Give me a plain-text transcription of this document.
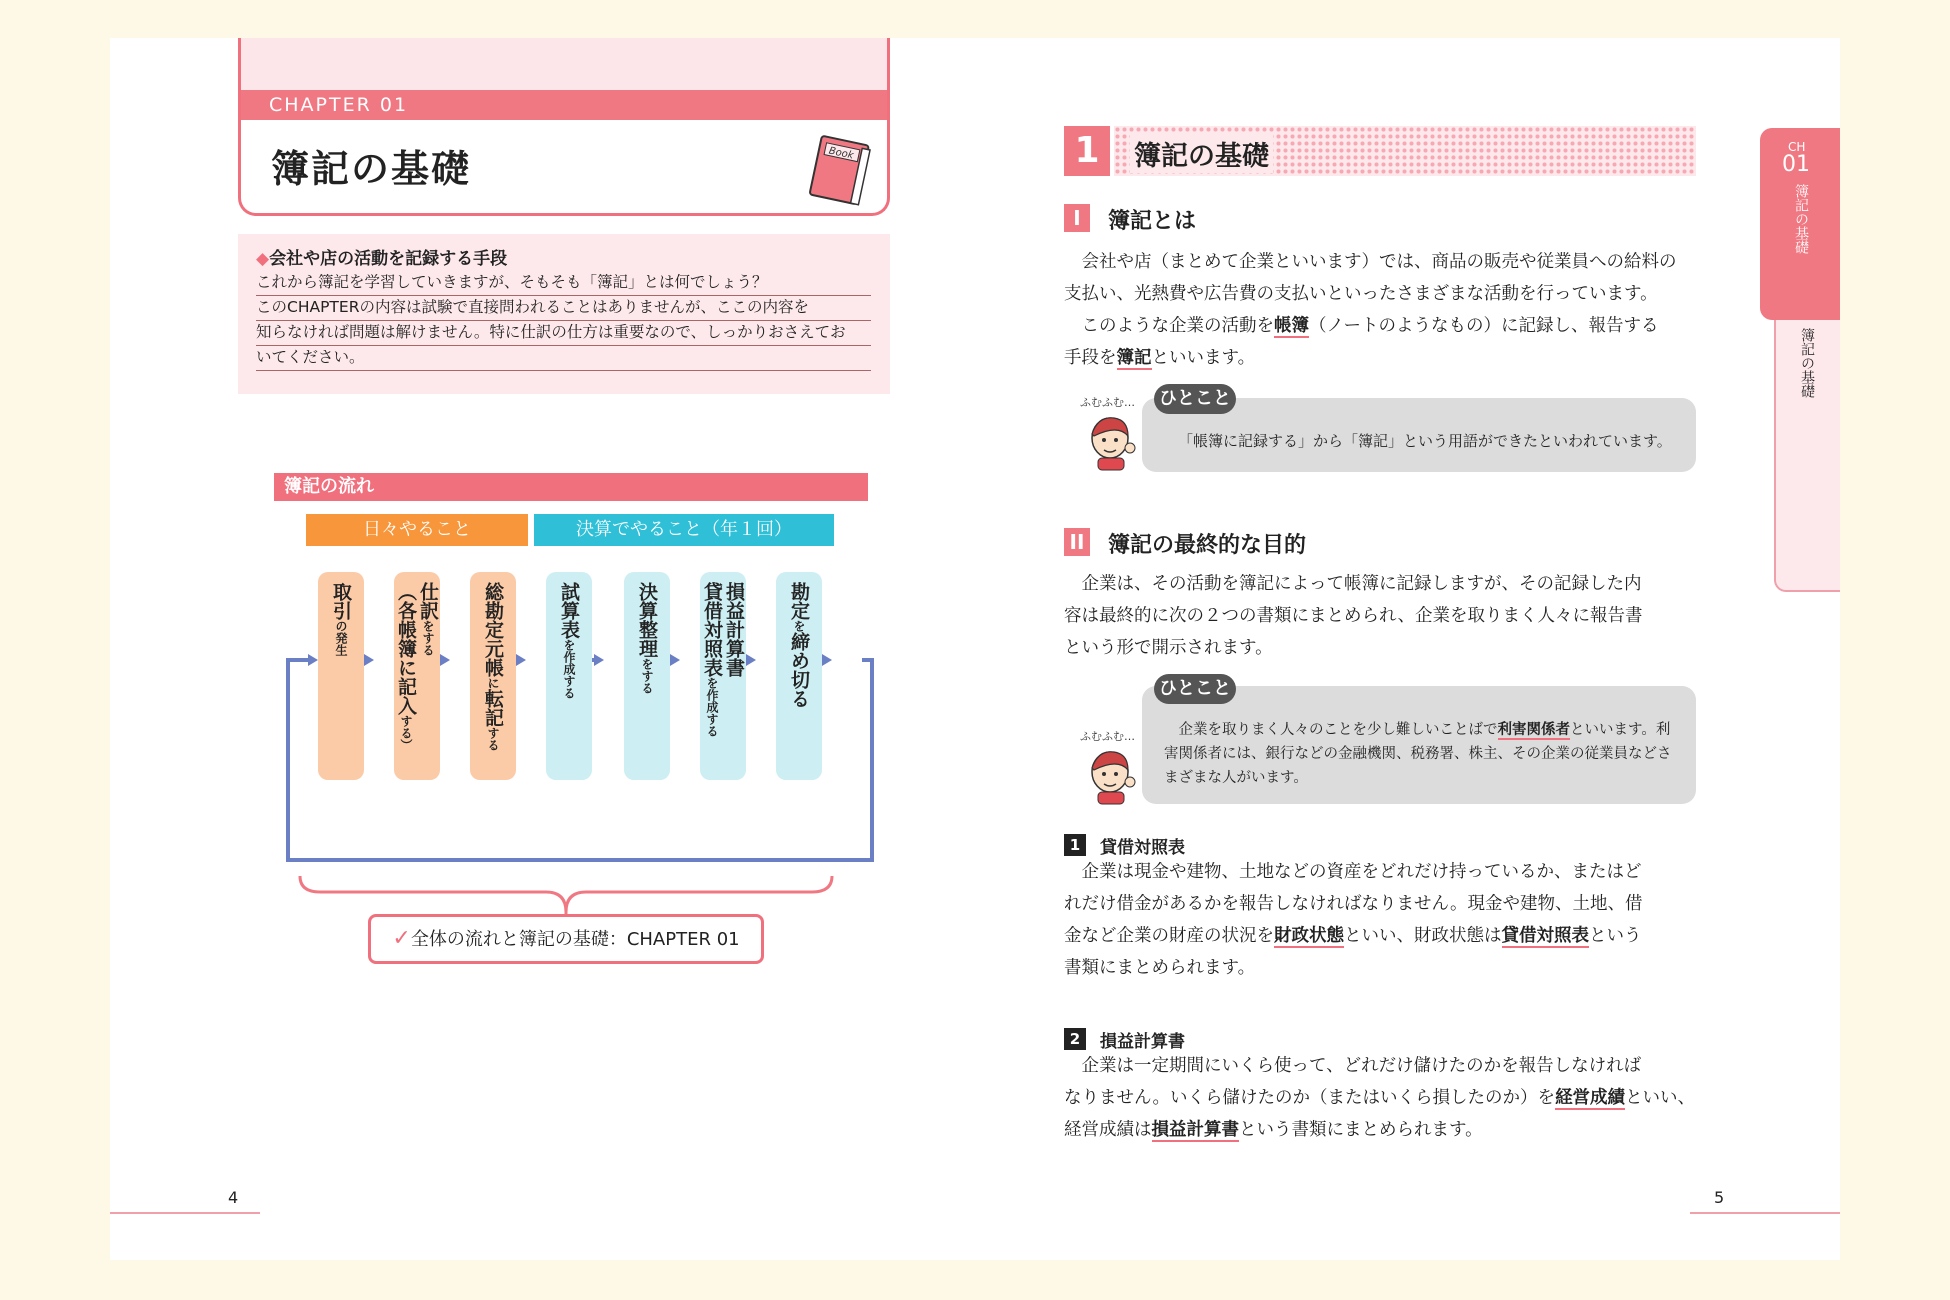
CHAPTER 01
簿記の基礎	Book
◆会社や店の活動を記録する手段
これから簿記を学習していきますが、そもそも「簿記」とは何でしょう？
このCHAPTERの内容は試験で直接問われることはありませんが、ここの内容を
知らなければ問題は解けません。特に仕訳の仕方は重要なので、しっかりおさえてお
いてください。
簿記の流れ
日々やること	決算でやること（年１回）
取引の発生
仕訳をする
（各帳簿に記入する）
総勘定元帳に転記する
試算表を作成する
決算整理をする	損益計算書
貸借対照表を作成する
勘定を締め切る
✓全体の流れと簿記の基礎：CHAPTER 01
4
1	簿記の基礎
I	簿記とは
　会社や店（まとめて企業といいます）では、商品の販売や従業員への給料の
支払い、光熱費や広告費の支払いといったさまざまな活動を行っています。
　このような企業の活動を帳簿（ノートのようなもの）に記録し、報告する
手段を簿記といいます。
ひとこと
ふむふむ…
「帳簿に記録する」から「簿記」という用語ができたといわれています。
II 簿記の最終的な目的
　企業は、その活動を簿記によって帳簿に記録しますが、その記録した内
容は最終的に次の２つの書類にまとめられ、企業を取りまく人々に報告書
という形で開示されます。
ひとこと
ふむふむ…
　	企業を取りまく人々のことを少し難しいことばで利害関係者といいます。利
害関係者には、銀行などの金融機関、税務署、株主、その企業の従業員などさ
まざまな人がいます。
1	貸借対照表
　企業は現金や建物、土地などの資産をどれだけ持っているか、またはど
れだけ借金があるかを報告しなければなりません。現金や建物、土地、借
金など企業の財産の状況を財政状態といい、財政状態は貸借対照表という
書類にまとめられます。
2	損益計算書
　企業は一定期間にいくら使って、どれだけ儲けたのかを報告しなければ
なりません。いくら儲けたのか（またはいくら損したのか）を経営成績といい、
経営成績は損益計算書という書類にまとめられます。
CH
01
簿記の基礎
簿記の基礎
5
